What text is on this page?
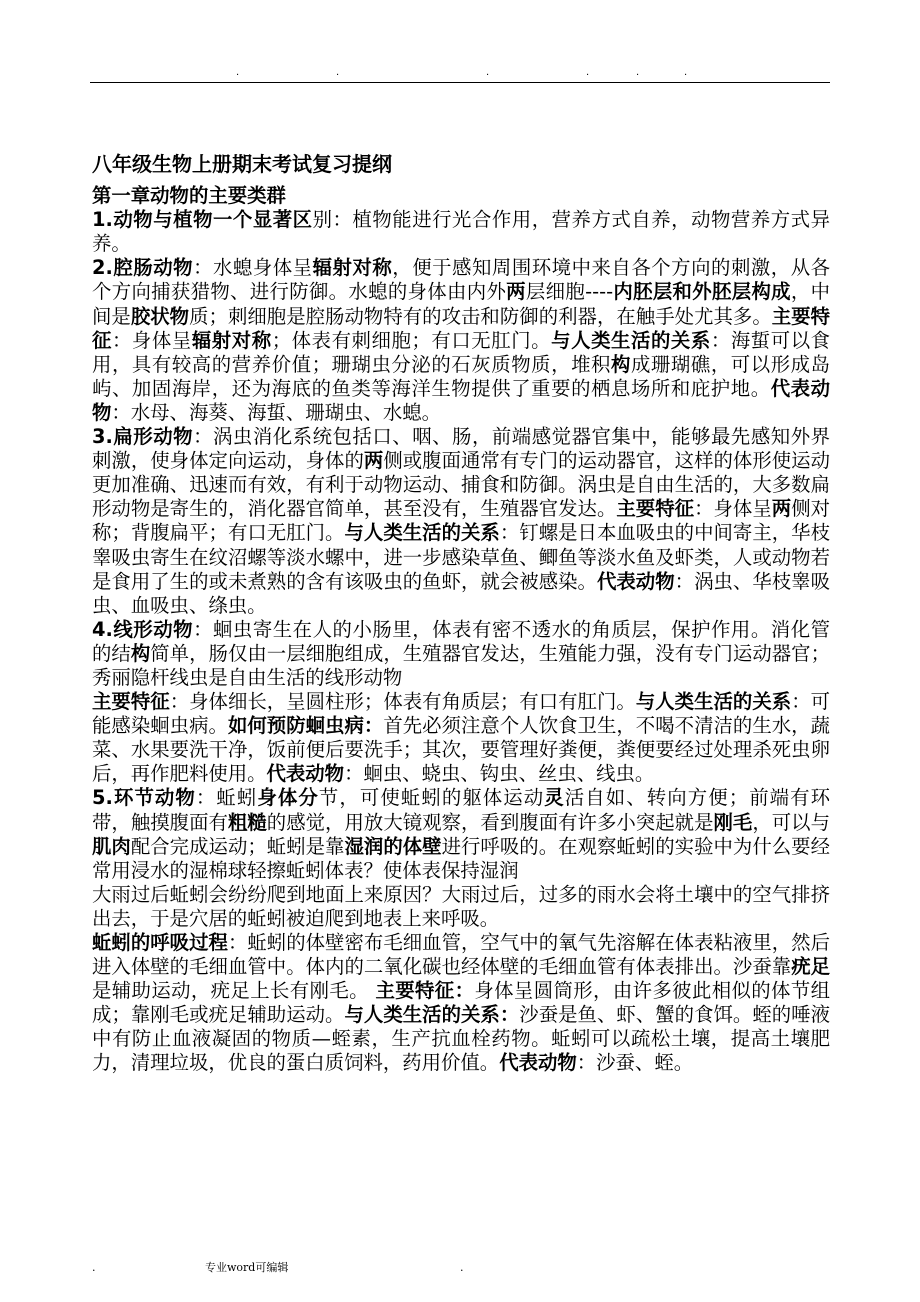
.	.	.	.	.	.

八年级生物上册期末考试复习提纲

第一章动物的主要类群

1.动物与植物一个显著区别：植物能进行光合作用，营养方式自养，动物营养方式异养。

2.腔肠动物：水螅身体呈辐射对称，便于感知周围环境中来自各个方向的刺激，从各个方向捕获猎物、进行防御。水螅的身体由内外两层细胞----内胚层和外胚层构成，中间是胶状物质；刺细胞是腔肠动物特有的攻击和防御的利器，在触手处尤其多。主要特征：身体呈辐射对称；体表有刺细胞；有口无肛门。与人类生活的关系：海蜇可以食用，具有较高的营养价值；珊瑚虫分泌的石灰质物质，堆积构成珊瑚礁，可以形成岛屿、加固海岸，还为海底的鱼类等海洋生物提供了重要的栖息场所和庇护地。代表动物：水母、海葵、海蜇、珊瑚虫、水螅。

3.扁形动物：涡虫消化系统包括口、咽、肠，前端感觉器官集中，能够最先感知外界刺激，使身体定向运动，身体的两侧或腹面通常有专门的运动器官，这样的体形使运动更加准确、迅速而有效，有利于动物运动、捕食和防御。涡虫是自由生活的，大多数扁形动物是寄生的，消化器官简单，甚至没有，生殖器官发达。主要特征：身体呈两侧对称；背腹扁平；有口无肛门。与人类生活的关系：钉螺是日本血吸虫的中间寄主，华枝睾吸虫寄生在纹沼螺等淡水螺中，进一步感染草鱼、鲫鱼等淡水鱼及虾类，人或动物若是食用了生的或未煮熟的含有该吸虫的鱼虾，就会被感染。代表动物：涡虫、华枝睾吸虫、血吸虫、绦虫。

4.线形动物：蛔虫寄生在人的小肠里，体表有密不透水的角质层，保护作用。消化管的结构简单，肠仅由一层细胞组成，生殖器官发达，生殖能力强，没有专门运动器官；秀丽隐杆线虫是自由生活的线形动物

主要特征：身体细长，呈圆柱形；体表有角质层；有口有肛门。与人类生活的关系：可能感染蛔虫病。如何预防蛔虫病：首先必须注意个人饮食卫生，不喝不清洁的生水，蔬菜、水果要洗干净，饭前便后要洗手；其次，要管理好粪便，粪便要经过处理杀死虫卵后，再作肥料使用。代表动物：蛔虫、蛲虫、钩虫、丝虫、线虫。

5.环节动物：蚯蚓身体分节，可使蚯蚓的躯体运动灵活自如、转向方便；前端有环带，触摸腹面有粗糙的感觉，用放大镜观察，看到腹面有许多小突起就是刚毛，可以与肌肉配合完成运动；蚯蚓是靠湿润的体壁进行呼吸的。在观察蚯蚓的实验中为什么要经常用浸水的湿棉球轻擦蚯蚓体表？使体表保持湿润

大雨过后蚯蚓会纷纷爬到地面上来原因？大雨过后，过多的雨水会将土壤中的空气排挤出去，于是穴居的蚯蚓被迫爬到地表上来呼吸。

蚯蚓的呼吸过程：蚯蚓的体壁密布毛细血管，空气中的氧气先溶解在体表粘液里，然后进入体壁的毛细血管中。体内的二氧化碳也经体壁的毛细血管有体表排出。沙蚕靠疣足是辅助运动，疣足上长有刚毛。 主要特征：身体呈圆筒形，由许多彼此相似的体节组成；靠刚毛或疣足辅助运动。与人类生活的关系：沙蚕是鱼、虾、蟹的食饵。蛭的唾液中有防止血液凝固的物质—蛭素，生产抗血栓药物。蚯蚓可以疏松土壤，提高土壤肥力，清理垃圾，优良的蛋白质饲料，药用价值。代表动物：沙蚕、蛭。

.	专业word可编辑	.
